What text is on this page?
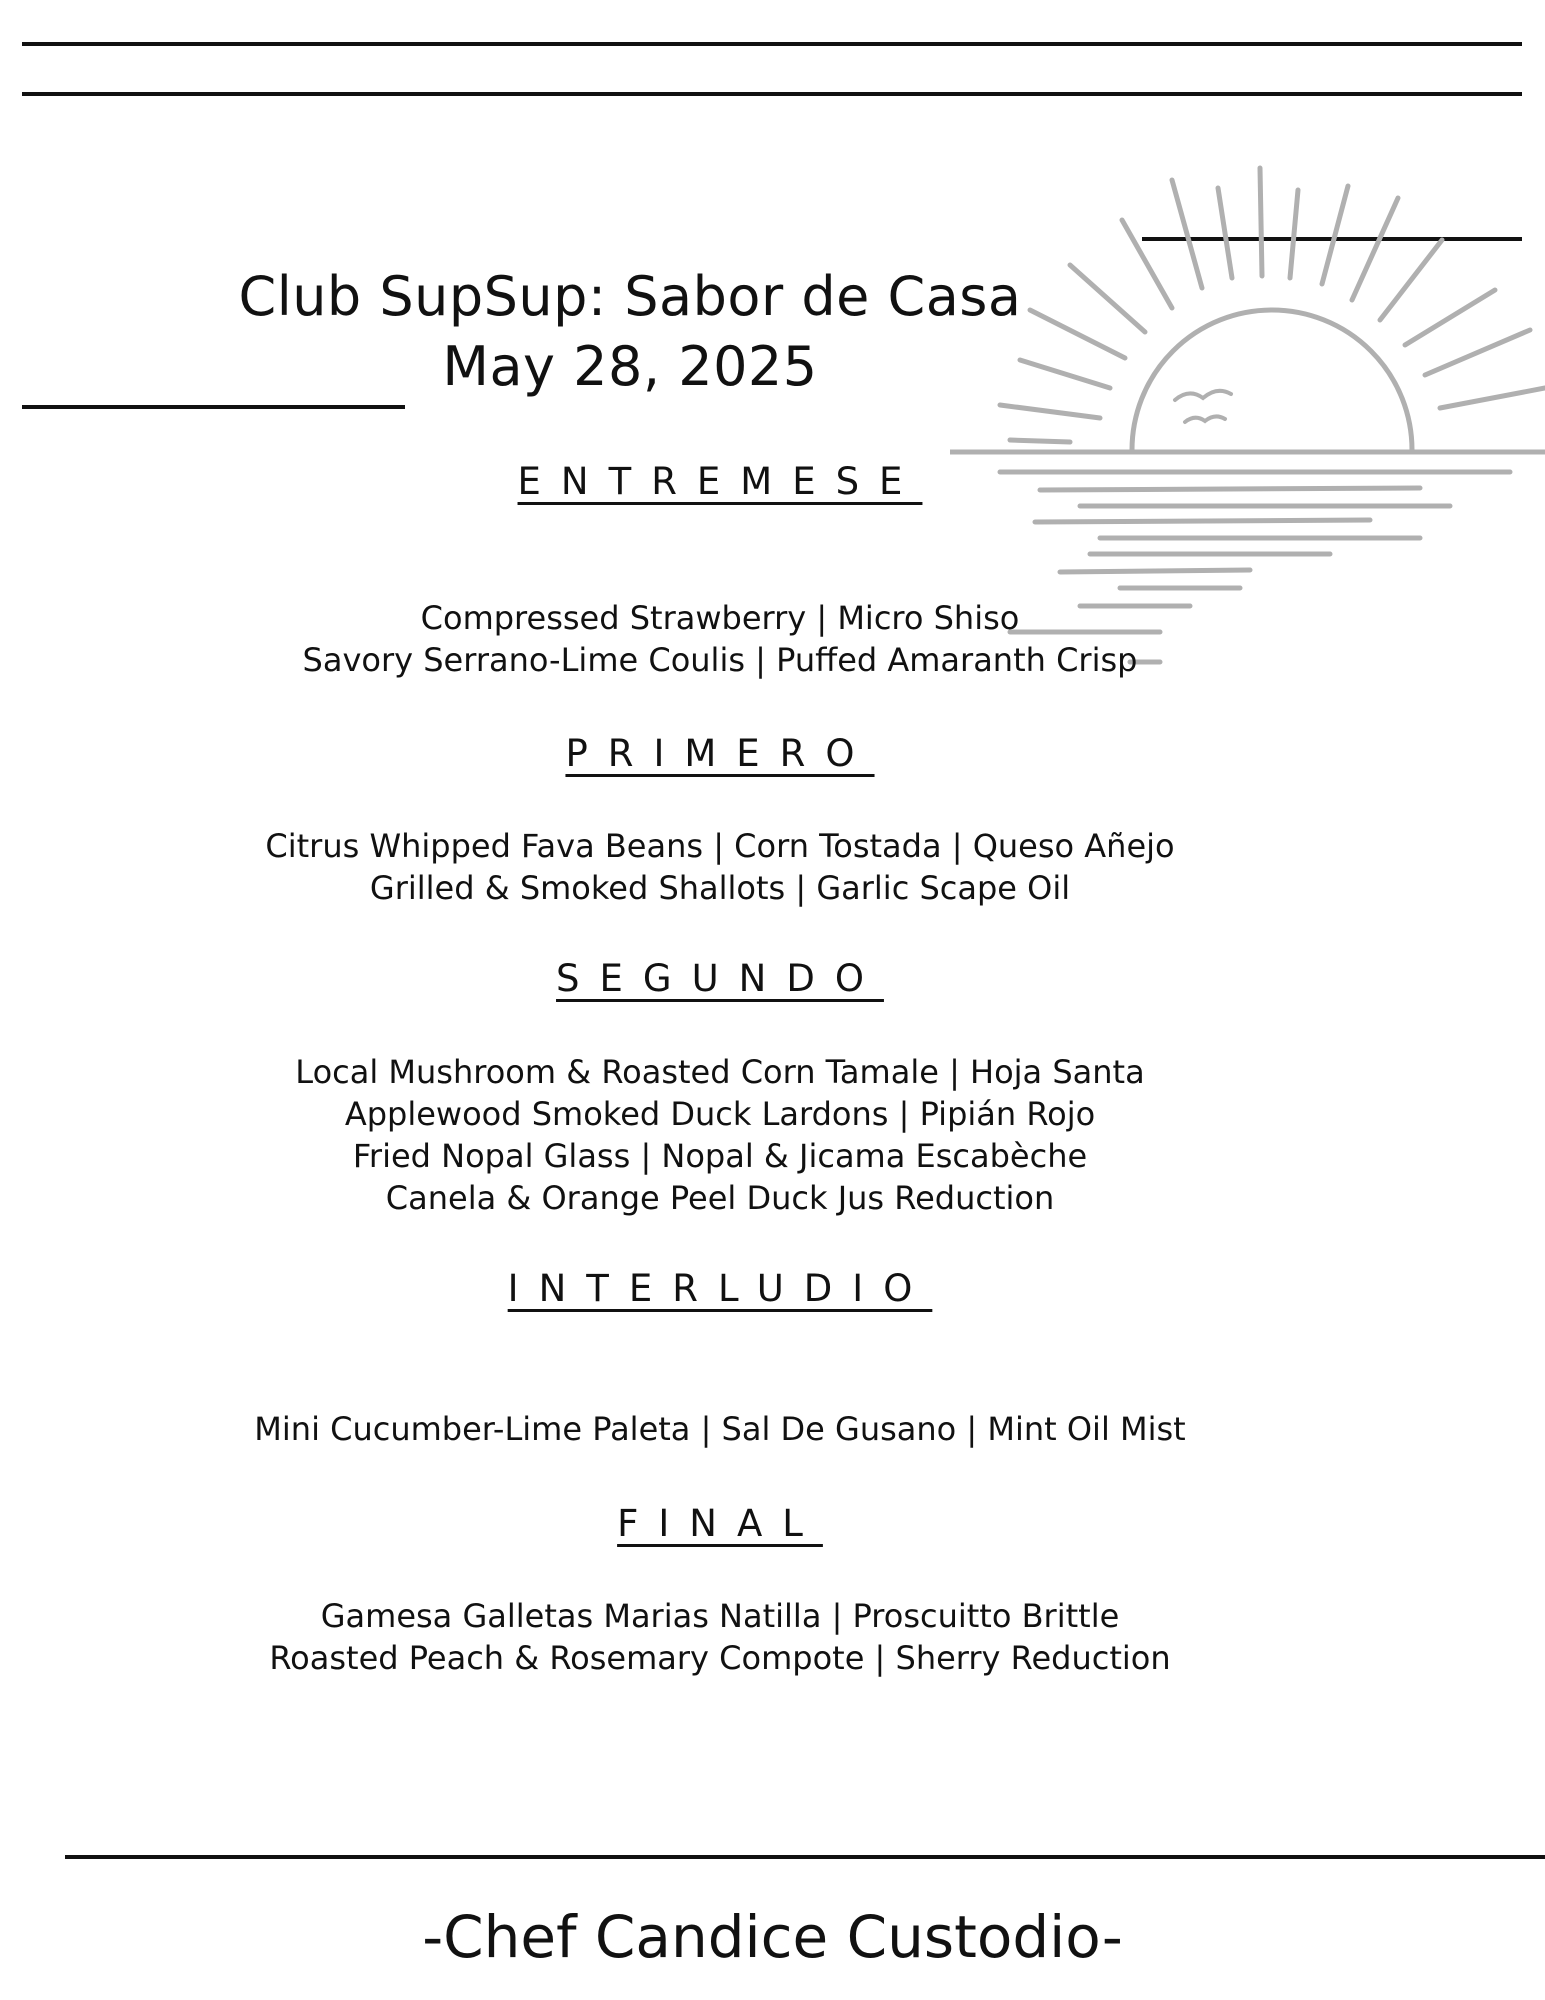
Club SupSup: Sabor de Casa
May 28, 2025
ENTREMESE

Compressed Strawberry | Micro Shiso

Savory Serrano-Lime Coulis | Puffed Amaranth Crisp

PRIMERO

Citrus Whipped Fava Beans | Corn Tostada | Queso Añejo

Grilled & Smoked Shallots | Garlic Scape Oil

SEGUNDO

Local Mushroom & Roasted Corn Tamale | Hoja Santa

Applewood Smoked Duck Lardons | Pipián Rojo

Fried Nopal Glass | Nopal & Jicama Escabèche

Canela & Orange Peel Duck Jus Reduction

INTERLUDIO

Mini Cucumber-Lime Paleta | Sal De Gusano | Mint Oil Mist

FINAL

Gamesa Galletas Marias Natilla | Proscuitto Brittle

Roasted Peach & Rosemary Compote | Sherry Reduction

-Chef Candice Custodio-
